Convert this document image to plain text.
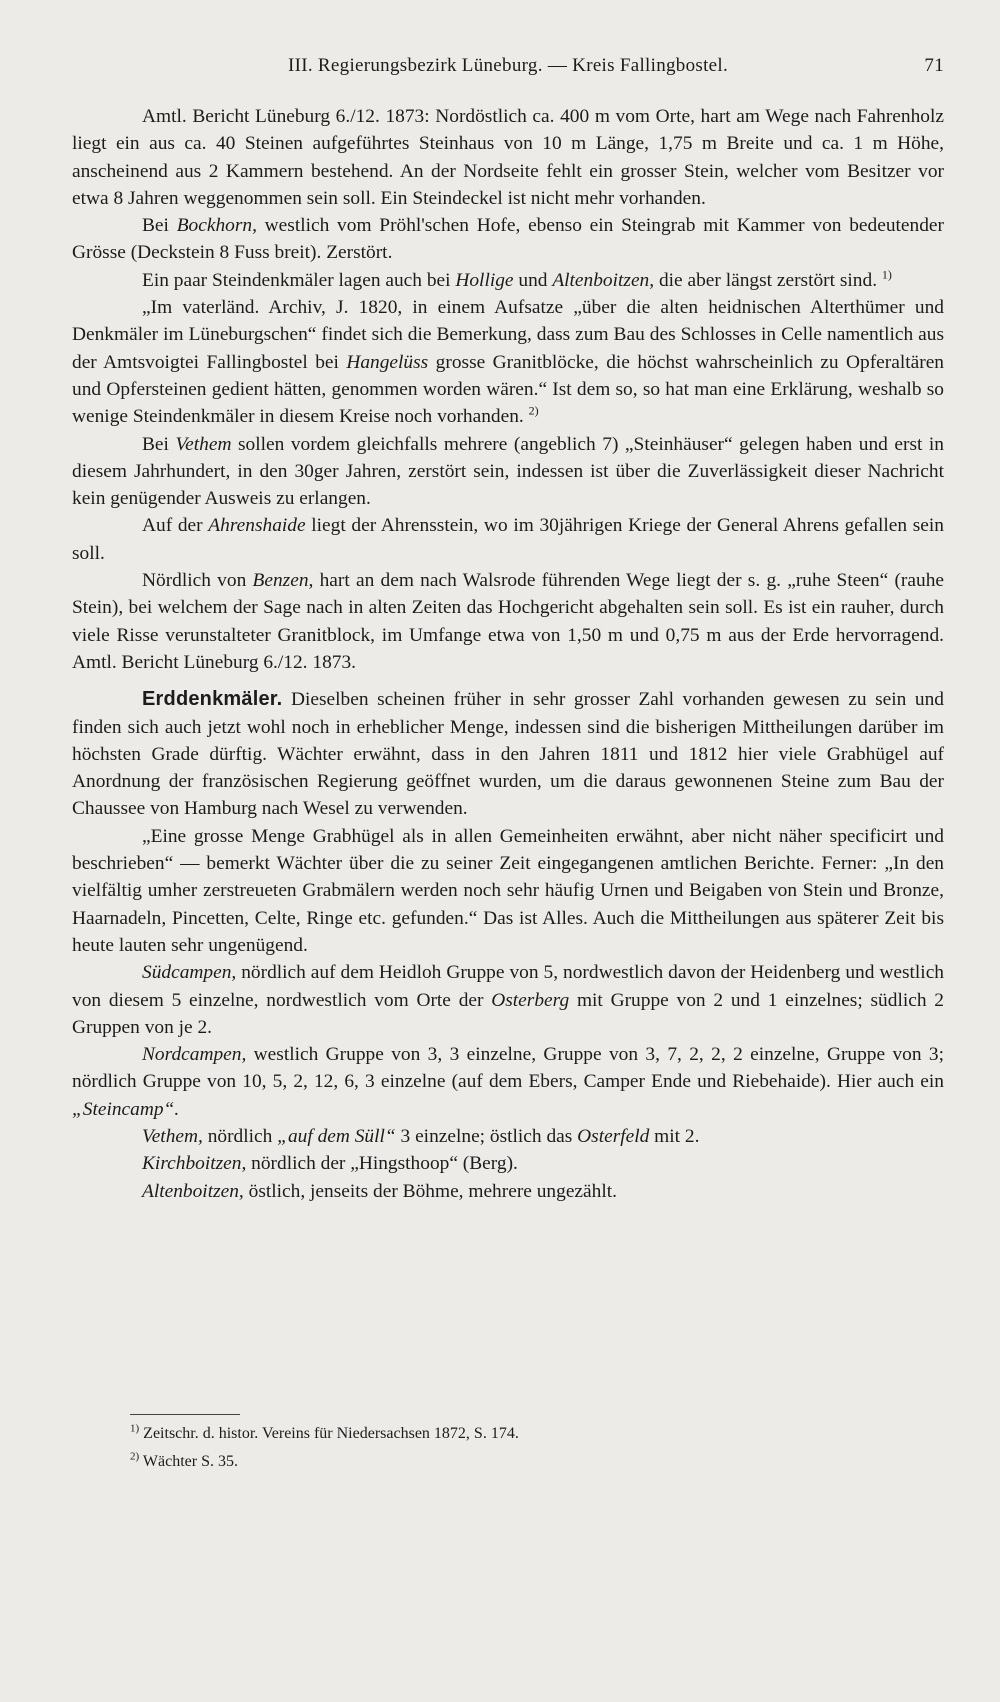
III. Regierungsbezirk Lüneburg. — Kreis Fallingbostel.	71

Amtl. Bericht Lüneburg 6./12. 1873: Nordöstlich ca. 400 m vom Orte, hart am Wege nach Fahrenholz liegt ein aus ca. 40 Steinen aufgeführtes Steinhaus von 10 m Länge, 1,75 m Breite und ca. 1 m Höhe, anscheinend aus 2 Kammern bestehend. An der Nordseite fehlt ein grosser Stein, welcher vom Besitzer vor etwa 8 Jahren weggenommen sein soll. Ein Steindeckel ist nicht mehr vorhanden.

Bei Bockhorn, westlich vom Pröhl'schen Hofe, ebenso ein Steingrab mit Kammer von bedeutender Grösse (Deckstein 8 Fuss breit). Zerstört.

Ein paar Steindenkmäler lagen auch bei Hollige und Altenboitzen, die aber längst zerstört sind. $^{1)}$

„Im vaterländ. Archiv, J. 1820, in einem Aufsatze „über die alten heidnischen Alterthümer und Denkmäler im Lüneburgschen“ findet sich die Bemerkung, dass zum Bau des Schlosses in Celle namentlich aus der Amtsvoigtei Fallingbostel bei Hangelüss grosse Granitblöcke, die höchst wahrscheinlich zu Opferaltären und Opfersteinen gedient hätten, genommen worden wären.“ Ist dem so, so hat man eine Erklärung, weshalb so wenige Steindenkmäler in diesem Kreise noch vorhanden. $^{2)}$

Bei Vethem sollen vordem gleichfalls mehrere (angeblich 7) „Steinhäuser“ gelegen haben und erst in diesem Jahrhundert, in den 30ger Jahren, zerstört sein, indessen ist über die Zuverlässigkeit dieser Nachricht kein genügender Ausweis zu erlangen.

Auf der Ahrenshaide liegt der Ahrensstein, wo im 30jährigen Kriege der General Ahrens gefallen sein soll.

Nördlich von Benzen, hart an dem nach Walsrode führenden Wege liegt der s. g. „ruhe Steen“ (rauhe Stein), bei welchem der Sage nach in alten Zeiten das Hochgericht abgehalten sein soll. Es ist ein rauher, durch viele Risse verunstalteter Granitblock, im Umfange etwa von 1,50 m und 0,75 m aus der Erde hervorragend. Amtl. Bericht Lüneburg 6./12. 1873.

Erddenkmäler. Dieselben scheinen früher in sehr grosser Zahl vorhanden gewesen zu sein und finden sich auch jetzt wohl noch in erheblicher Menge, indessen sind die bisherigen Mittheilungen darüber im höchsten Grade dürftig. Wächter erwähnt, dass in den Jahren 1811 und 1812 hier viele Grabhügel auf Anordnung der französischen Regierung geöffnet wurden, um die daraus gewonnenen Steine zum Bau der Chaussee von Hamburg nach Wesel zu verwenden.

„Eine grosse Menge Grabhügel als in allen Gemeinheiten erwähnt, aber nicht näher specificirt und beschrieben“ — bemerkt Wächter über die zu seiner Zeit eingegangenen amtlichen Berichte. Ferner: „In den vielfältig umher zerstreueten Grabmälern werden noch sehr häufig Urnen und Beigaben von Stein und Bronze, Haarnadeln, Pincetten, Celte, Ringe etc. gefunden.“ Das ist Alles. Auch die Mittheilungen aus späterer Zeit bis heute lauten sehr ungenügend.

Südcampen, nördlich auf dem Heidloh Gruppe von 5, nordwestlich davon der Heidenberg und westlich von diesem 5 einzelne, nordwestlich vom Orte der Osterberg mit Gruppe von 2 und 1 einzelnes; südlich 2 Gruppen von je 2.

Nordcampen, westlich Gruppe von 3, 3 einzelne, Gruppe von 3, 7, 2, 2, 2 einzelne, Gruppe von 3; nördlich Gruppe von 10, 5, 2, 12, 6, 3 einzelne (auf dem Ebers, Camper Ende und Riebehaide). Hier auch ein „Steincamp“.

Vethem, nördlich „auf dem Süll“ 3 einzelne; östlich das Osterfeld mit 2.

Kirchboitzen, nördlich der „Hingsthoop“ (Berg).

Altenboitzen, östlich, jenseits der Böhme, mehrere ungezählt.

$^{1)}$ Zeitschr. d. histor. Vereins für Niedersachsen 1872, S. 174.
$^{2)}$ Wächter S. 35.
